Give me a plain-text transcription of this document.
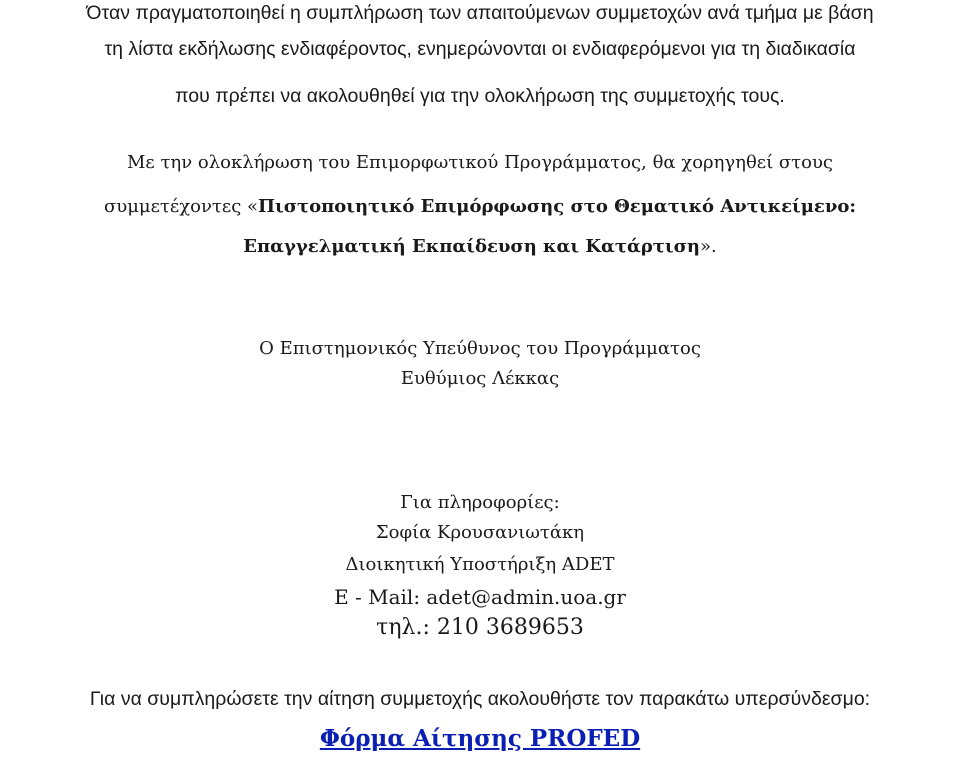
Όταν πραγματοποιηθεί η συμπλήρωση των απαιτούμενων συμμετοχών ανά τμήμα με βάση

τη λίστα εκδήλωσης ενδιαφέροντος, ενημερώνονται οι ενδιαφερόμενοι για τη διαδικασία

που πρέπει να ακολουθηθεί για την ολοκλήρωση της συμμετοχής τους.

Με την ολοκλήρωση του Επιμορφωτικού Προγράμματος, θα χορηγηθεί στους

συμμετέχοντες «Πιστοποιητικό Επιμόρφωσης στο Θεματικό Αντικείμενο:

Επαγγελματική Εκπαίδευση και Κατάρτιση».

Ο Επιστημονικός Υπεύθυνος του Προγράμματος

Ευθύμιος Λέκκας

Για πληροφορίες:

Σοφία Κρουσανιωτάκη

Διοικητική Υποστήριξη ADET

E - Mail: adet@admin.uoa.gr

τηλ.: 210 3689653

Για να συμπληρώσετε την αίτηση συμμετοχής ακολουθήστε τον παρακάτω υπερσύνδεσμο:

Φόρμα Αίτησης PROFED
